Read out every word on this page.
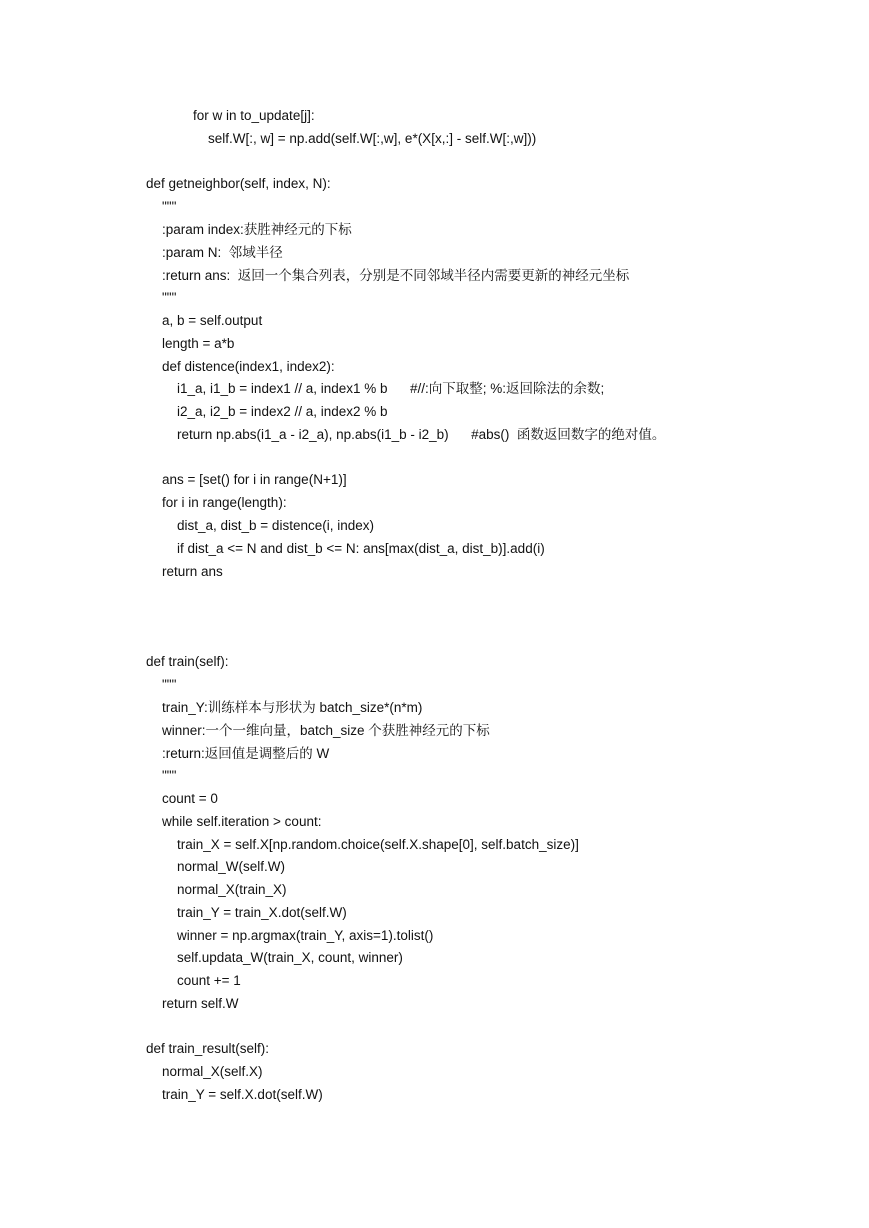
for w in to_update[j]:
self.W[:, w] = np.add(self.W[:,w], e*(X[x,:] - self.W[:,w]))
def getneighbor(self, index, N):
"""
:param index:获胜神经元的下标
:param N:  邻域半径
:return ans:  返回一个集合列表，分别是不同邻域半径内需要更新的神经元坐标
"""
a, b = self.output
length = a*b
def distence(index1, index2):
i1_a, i1_b = index1 // a, index1 % b      #//:向下取整; %:返回除法的余数;
i2_a, i2_b = index2 // a, index2 % b
return np.abs(i1_a - i2_a), np.abs(i1_b - i2_b)      #abs()  函数返回数字的绝对值。
ans = [set() for i in range(N+1)]
for i in range(length):
dist_a, dist_b = distence(i, index)
if dist_a <= N and dist_b <= N: ans[max(dist_a, dist_b)].add(i)
return ans
def train(self):
"""
train_Y:训练样本与形状为 batch_size*(n*m)
winner:一个一维向量，batch_size 个获胜神经元的下标
:return:返回值是调整后的 W
"""
count = 0
while self.iteration > count:
train_X = self.X[np.random.choice(self.X.shape[0], self.batch_size)]
normal_W(self.W)
normal_X(train_X)
train_Y = train_X.dot(self.W)
winner = np.argmax(train_Y, axis=1).tolist()
self.updata_W(train_X, count, winner)
count += 1
return self.W
def train_result(self):
normal_X(self.X)
train_Y = self.X.dot(self.W)
